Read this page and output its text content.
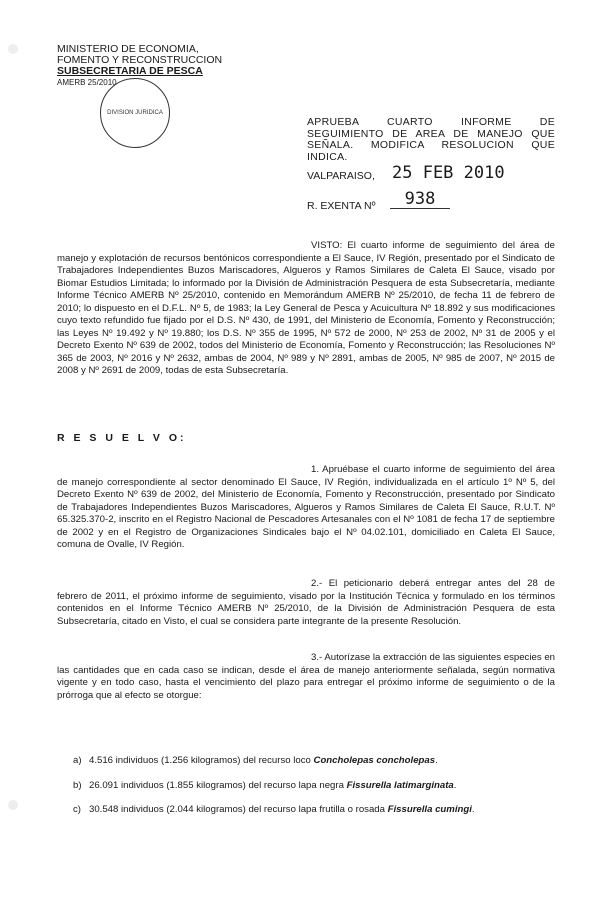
MINISTERIO DE ECONOMIA,
FOMENTO Y RECONSTRUCCION
SUBSECRETARIA DE PESCA
AMERB 25/2010
DIVISION JURIDICA
APRUEBA CUARTO INFORME DE SEGUIMIENTO DE AREA DE MANEJO QUE SEÑALA. MODIFICA RESOLUCION QUE INDICA.
VALPARAISO, 25 FEB 2010
R. EXENTA Nº	938
VISTO: El cuarto informe de seguimiento del área de manejo y explotación de recursos bentónicos correspondiente a El Sauce, IV Región, presentado por el Sindicato de Trabajadores Independientes Buzos Mariscadores, Algueros y Ramos Similares de Caleta El Sauce, visado por Biomar Estudios Limitada; lo informado por la División de Administración Pesquera de esta Subsecretaría, mediante Informe Técnico AMERB Nº 25/2010, contenido en Memorándum AMERB Nº 25/2010, de fecha 11 de febrero de 2010; lo dispuesto en el D.F.L. Nº 5, de 1983; la Ley General de Pesca y Acuicultura Nº 18.892 y sus modificaciones cuyo texto refundido fue fijado por el D.S. Nº 430, de 1991, del Ministerio de Economía, Fomento y Reconstrucción; las Leyes Nº 19.492 y Nº 19.880; los D.S. Nº 355 de 1995, Nº 572 de 2000, Nº 253 de 2002, Nº 31 de 2005 y el Decreto Exento Nº 639 de 2002, todos del Ministerio de Economía, Fomento y Reconstrucción; las Resoluciones Nº 365 de 2003, Nº 2016 y Nº 2632, ambas de 2004, Nº 989 y Nº 2891, ambas de 2005, Nº 985 de 2007, Nº 2015 de 2008 y Nº 2691 de 2009, todas de esta Subsecretaría.
R E S U E L V O:
1. Apruébase el cuarto informe de seguimiento del área de manejo correspondiente al sector denominado El Sauce, IV Región, individualizada en el artículo 1º Nº 5, del Decreto Exento Nº 639 de 2002, del Ministerio de Economía, Fomento y Reconstrucción, presentado por Sindicato de Trabajadores Independientes Buzos Mariscadores, Algueros y Ramos Similares de Caleta El Sauce, R.U.T. Nº 65.325.370-2, inscrito en el Registro Nacional de Pescadores Artesanales con el Nº 1081 de fecha 17 de septiembre de 2002 y en el Registro de Organizaciones Sindicales bajo el Nº 04.02.101, domiciliado en Caleta El Sauce, comuna de Ovalle, IV Región.
2.- El peticionario deberá entregar antes del 28 de febrero de 2011, el próximo informe de seguimiento, visado por la Institución Técnica y formulado en los términos contenidos en el Informe Técnico AMERB Nº 25/2010, de la División de Administración Pesquera de esta Subsecretaría, citado en Visto, el cual se considera parte integrante de la presente Resolución.
3.- Autorízase la extracción de las siguientes especies en las cantidades que en cada caso se indican, desde el área de manejo anteriormente señalada, según normativa vigente y en todo caso, hasta el vencimiento del plazo para entregar el próximo informe de seguimiento o de la prórroga que al efecto se otorgue:
a) 4.516 individuos (1.256 kilogramos) del recurso loco Concholepas concholepas.
b) 26.091 individuos (1.855 kilogramos) del recurso lapa negra Fissurella latimarginata.
c) 30.548 individuos (2.044 kilogramos) del recurso lapa frutilla o rosada Fissurella cumingi.
